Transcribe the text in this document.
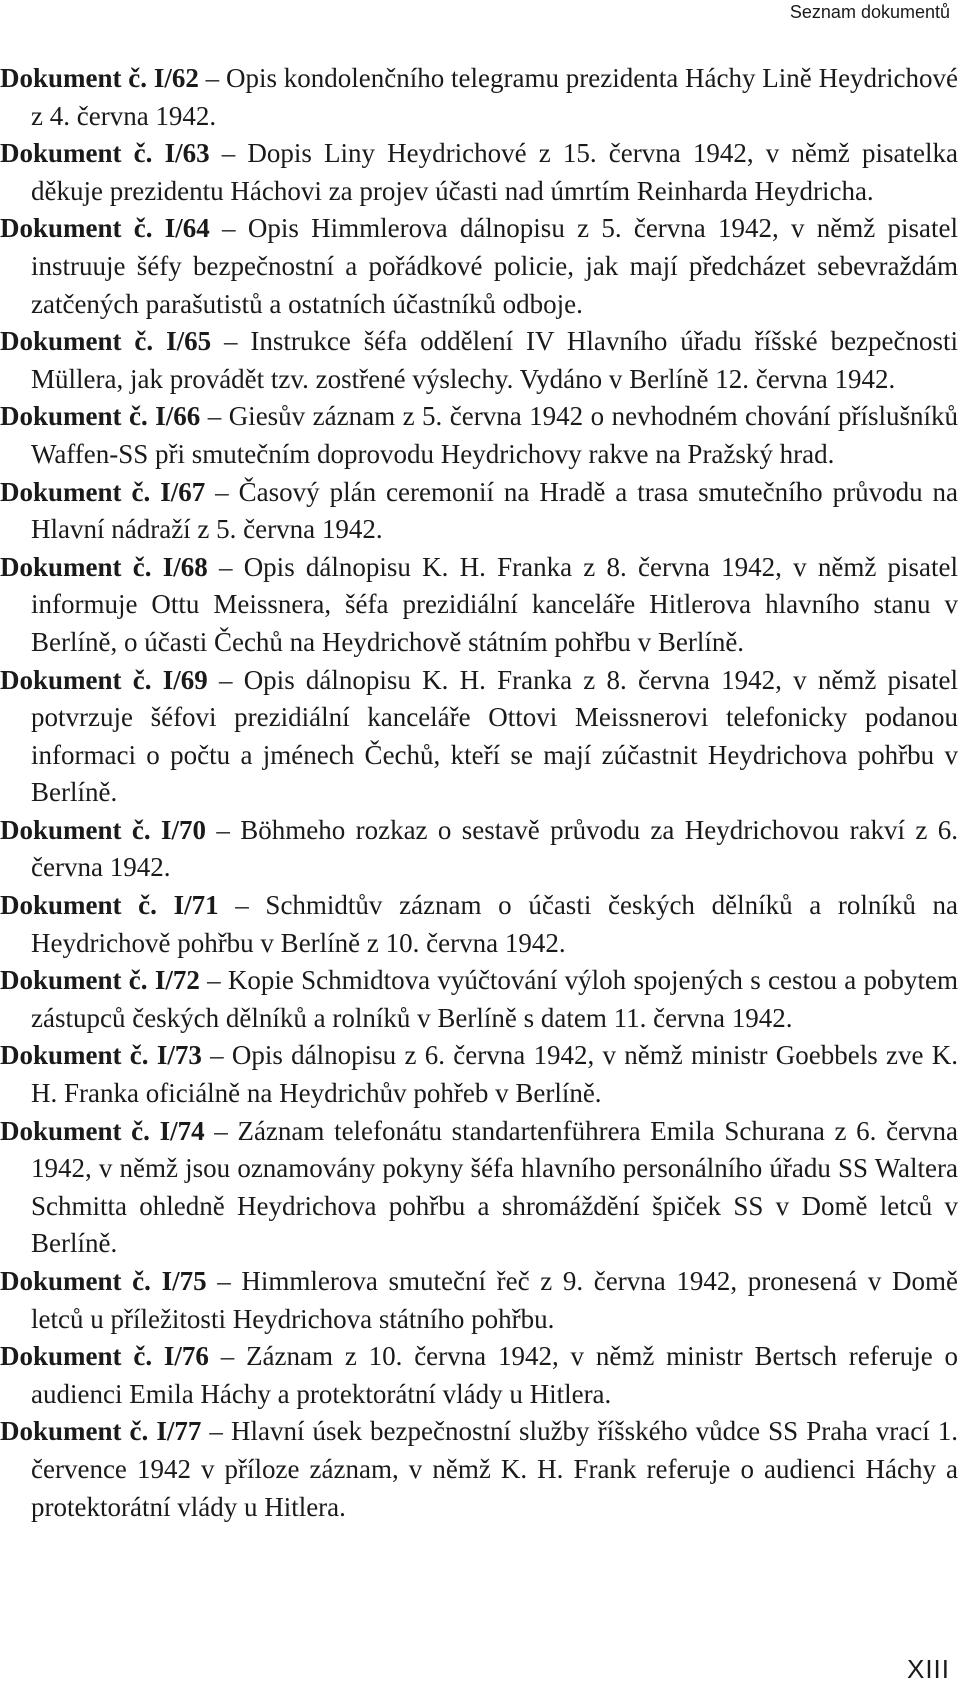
Seznam dokumentů

Dokument č. I/62 – Opis kondolenčního telegramu prezidenta Háchy Lině Heydrichové z 4. června 1942.

Dokument č. I/63 – Dopis Liny Heydrichové z 15. června 1942, v němž pisatelka děkuje prezidentu Háchovi za projev účasti nad úmrtím Reinharda Heydricha.

Dokument č. I/64 – Opis Himmlerova dálnopisu z 5. června 1942, v němž pisatel instruuje šéfy bezpečnostní a pořádkové policie, jak mají předcházet sebevraždám zatčených parašutistů a ostatních účastníků odboje.

Dokument č. I/65 – Instrukce šéfa oddělení IV Hlavního úřadu říšské bezpečnosti Müllera, jak provádět tzv. zostřené výslechy. Vydáno v Berlíně 12. června 1942.

Dokument č. I/66 – Giesův záznam z 5. června 1942 o nevhodném chování příslušníků Waffen-SS při smutečním doprovodu Heydrichovy rakve na Pražský hrad.

Dokument č. I/67 – Časový plán ceremonií na Hradě a trasa smutečního průvodu na Hlavní nádraží z 5. června 1942.

Dokument č. I/68 – Opis dálnopisu K. H. Franka z 8. června 1942, v němž pisatel informuje Ottu Meissnera, šéfa prezidiální kanceláře Hitlerova hlavního stanu v Berlíně, o účasti Čechů na Heydrichově státním pohřbu v Berlíně.

Dokument č. I/69 – Opis dálnopisu K. H. Franka z 8. června 1942, v němž pisatel potvrzuje šéfovi prezidiální kanceláře Ottovi Meissnerovi telefonicky podanou informaci o počtu a jménech Čechů, kteří se mají zúčastnit Heydrichova pohřbu v Berlíně.

Dokument č. I/70 – Böhmeho rozkaz o sestavě průvodu za Heydrichovou rakví z 6. června 1942.

Dokument č. I/71 – Schmidtův záznam o účasti českých dělníků a rolníků na Heydrichově pohřbu v Berlíně z 10. června 1942.

Dokument č. I/72 – Kopie Schmidtova vyúčtování výloh spojených s cestou a pobytem zástupců českých dělníků a rolníků v Berlíně s datem 11. června 1942.

Dokument č. I/73 – Opis dálnopisu z 6. června 1942, v němž ministr Goebbels zve K. H. Franka oficiálně na Heydrichův pohřeb v Berlíně.

Dokument č. I/74 – Záznam telefonátu standartenführera Emila Schurana z 6. června 1942, v němž jsou oznamovány pokyny šéfa hlavního personálního úřadu SS Waltera Schmitta ohledně Heydrichova pohřbu a shromáždění špiček SS v Domě letců v Berlíně.

Dokument č. I/75 – Himmlerova smuteční řeč z 9. června 1942, pronesená v Domě letců u příležitosti Heydrichova státního pohřbu.

Dokument č. I/76 – Záznam z 10. června 1942, v němž ministr Bertsch referuje o audienci Emila Háchy a protektorátní vlády u Hitlera.

Dokument č. I/77 – Hlavní úsek bezpečnostní služby říšského vůdce SS Praha vrací 1. července 1942 v příloze záznam, v němž K. H. Frank referuje o audienci Háchy a protektorátní vlády u Hitlera.

XIII
